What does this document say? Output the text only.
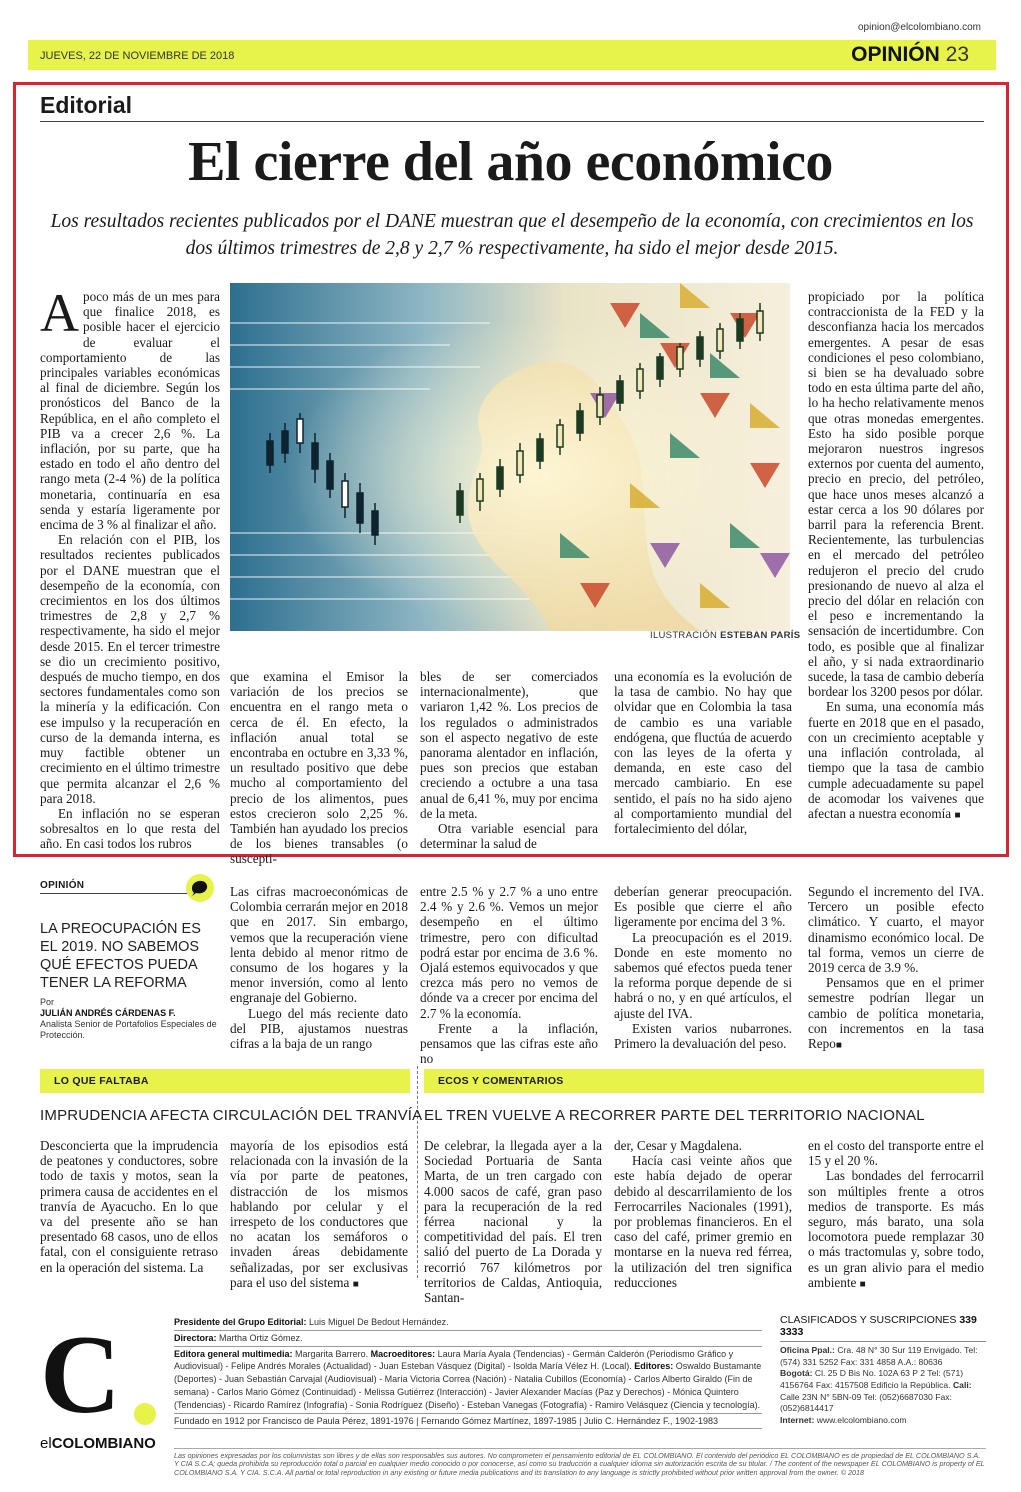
opinion@elcolombiano.com
JUEVES, 22 DE NOVIEMBRE DE 2018	OPINIÓN 23
Editorial
El cierre del año económico
Los resultados recientes publicados por el DANE muestran que el desempeño de la economía, con crecimientos en los dos últimos trimestres de 2,8 y 2,7 % respectivamente, ha sido el mejor desde 2015.
ILUSTRACIÓN ESTEBAN PARÍS

Apoco más de un mes para que finalice 2018, es posible hacer el ejercicio de evaluar el comportamiento de las principales variables económicas al final de diciembre. Según los pronósticos del Banco de la República, en el año completo el PIB va a crecer 2,6 %. La inflación, por su parte, que ha estado en todo el año dentro del rango meta (2-4 %) de la política monetaria, continuaría en esa senda y estaría ligeramente por encima de 3 % al finalizar el año.

En relación con el PIB, los resultados recientes publicados por el DANE muestran que el desempeño de la economía, con crecimientos en los dos últimos trimestres de 2,8 y 2,7 % respectivamente, ha sido el mejor desde 2015. En el tercer trimestre se dio un crecimiento positivo, después de mucho tiempo, en dos sectores fundamentales como son la minería y la edificación. Con ese impulso y la recuperación en curso de la demanda interna, es muy factible obtener un crecimiento en el último trimestre que permita alcanzar el 2,6 % para 2018.

En inflación no se esperan sobresaltos en lo que resta del año. En casi todos los rubros

que examina el Emisor la variación de los precios se encuentra en el rango meta o cerca de él. En efecto, la inflación anual total se encontraba en octubre en 3,33 %, un resultado positivo que debe mucho al comportamiento del precio de los alimentos, pues estos crecieron solo 2,25 %. También han ayudado los precios de los bienes transables (o suscepti-

bles de ser comerciados internacionalmente), que variaron 1,42 %. Los precios de los regulados o administrados son el aspecto negativo de este panorama alentador en inflación, pues son precios que estaban creciendo a octubre a una tasa anual de 6,41 %, muy por encima de la meta.

Otra variable esencial para determinar la salud de

una economía es la evolución de la tasa de cambio. No hay que olvidar que en Colombia la tasa de cambio es una variable endógena, que fluctúa de acuerdo con las leyes de la oferta y demanda, en este caso del mercado cambiario. En ese sentido, el país no ha sido ajeno al comportamiento mundial del fortalecimiento del dólar,

propiciado por la política contraccionista de la FED y la desconfianza hacia los mercados emergentes. A pesar de esas condiciones el peso colombiano, si bien se ha devaluado sobre todo en esta última parte del año, lo ha hecho relativamente menos que otras monedas emergentes. Esto ha sido posible porque mejoraron nuestros ingresos externos por cuenta del aumento, precio en precio, del petróleo, que hace unos meses alcanzó a estar cerca a los 90 dólares por barril para la referencia Brent. Recientemente, las turbulencias en el mercado del petróleo redujeron el precio del crudo presionando de nuevo al alza el precio del dólar en relación con el peso e incrementando la sensación de incertidumbre. Con todo, es posible que al finalizar el año, y si nada extraordinario sucede, la tasa de cambio debería bordear los 3200 pesos por dólar.

En suma, una economía más fuerte en 2018 que en el pasado, con un crecimiento aceptable y una inflación controlada, al tiempo que la tasa de cambio cumple adecuadamente su papel de acomodar los vaivenes que afectan a nuestra economía ■

OPINIÓN
LA PREOCUPACIÓN ES EL 2019. NO SABEMOS QUÉ EFECTOS PUEDA TENER LA REFORMA
Por
JULIÁN ANDRÉS CÁRDENAS F.
Analista Senior de Portafolios Especiales de Protección.

Las cifras macroeconómicas de Colombia cerrarán mejor en 2018 que en 2017. Sin embargo, vemos que la recuperación viene lenta debido al menor ritmo de consumo de los hogares y la menor inversión, como al lento engranaje del Gobierno.

Luego del más reciente dato del PIB, ajustamos nuestras cifras a la baja de un rango

entre 2.5 % y 2.7 % a uno entre 2.4 % y 2.6 %. Vemos un mejor desempeño en el último trimestre, pero con dificultad podrá estar por encima de 3.6 %. Ojalá estemos equivocados y que crezca más pero no vemos de dónde va a crecer por encima del 2.7 % la economía.

Frente a la inflación, pensamos que las cifras este año no

deberían generar preocupación. Es posible que cierre el año ligeramente por encima del 3 %.

La preocupación es el 2019. Donde en este momento no sabemos qué efectos pueda tener la reforma porque depende de si habrá o no, y en qué artículos, el ajuste del IVA.

Existen varios nubarrones. Primero la devaluación del peso.

Segundo el incremento del IVA. Tercero un posible efecto climático. Y cuarto, el mayor dinamismo económico local. De tal forma, vemos un cierre de 2019 cerca de 3.9 %.

Pensamos que en el primer semestre podrían llegar un cambio de política monetaria, con incrementos en la tasa Repo■

LO QUE FALTABA	ECOS Y COMENTARIOS
IMPRUDENCIA AFECTA CIRCULACIÓN DEL TRANVÍA EL TREN VUELVE A RECORRER PARTE DEL TERRITORIO NACIONAL

Desconcierta que la imprudencia de peatones y conductores, sobre todo de taxis y motos, sean la primera causa de accidentes en el tranvía de Ayacucho. En lo que va del presente año se han presentado 68 casos, uno de ellos fatal, con el consiguiente retraso en la operación del sistema. La

mayoría de los episodios está relacionada con la invasión de la vía por parte de peatones, distracción de los mismos hablando por celular y el irrespeto de los conductores que no acatan los semáforos o invaden áreas debidamente señalizadas, por ser exclusivas para el uso del sistema ■

De celebrar, la llegada ayer a la Sociedad Portuaria de Santa Marta, de un tren cargado con 4.000 sacos de café, gran paso para la recuperación de la red férrea nacional y la competitividad del país. El tren salió del puerto de La Dorada y recorrió 767 kilómetros por territorios de Caldas, Antioquia, Santan-

der, Cesar y Magdalena.

Hacía casi veinte años que este había dejado de operar debido al descarrilamiento de los Ferrocarriles Nacionales (1991), por problemas financieros. En el caso del café, primer gremio en montarse en la nueva red férrea, la utilización del tren significa reducciones

en el costo del transporte entre el 15 y el 20 %.

Las bondades del ferrocarril son múltiples frente a otros medios de transporte. Es más seguro, más barato, una sola locomotora puede remplazar 30 o más tractomulas y, sobre todo, es un gran alivio para el medio ambiente ■

C
elCOLOMBIANO
Presidente del Grupo Editorial: Luis Miguel De Bedout Hernández.
Directora: Martha Ortiz Gómez.
Editora general multimedia: Margarita Barrero. Macroeditores: Laura María Ayala (Tendencias) - Germán Calderón (Periodismo Gráfico y Audiovisual) - Felipe Andrés Morales (Actualidad) - Juan Esteban Vásquez (Digital) - Isolda María Vélez H. (Local). Editores: Oswaldo Bustamante (Deportes) - Juan Sebastián Carvajal (Audiovisual) - María Victoria Correa (Nación) - Natalia Cubillos (Economía) - Carlos Alberto Giraldo (Fin de semana) - Carlos Mario Gómez (Continuidad) - Melissa Gutiérrez (Interacción) - Javier Alexander Macías (Paz y Derechos) - Mónica Quintero (Tendencias) - Ricardo Ramírez (Infografía) - Sonia Rodríguez (Diseño) - Esteban Vanegas (Fotografía) - Ramiro Velásquez (Ciencia y tecnología).
Fundado en 1912 por Francisco de Paula Pérez, 1891-1976 | Fernando Gómez Martínez, 1897-1985 | Julio C. Hernández F., 1902-1983
CLASIFICADOS Y SUSCRIPCIONES 339 3333
Oficina Ppal.: Cra. 48 N° 30 Sur 119 Envigado. Tel: (574) 331 5252 Fax: 331 4858 A.A.: 80636
Bogotá: Cl. 25 D Bis No. 102A 63 P 2 Tel: (571) 4156764 Fax: 4157508 Edificio la República. Cali: Calle 23N N° 5BN-09 Tel: (052)6687030 Fax: (052)6814417
Internet: www.elcolombiano.com
Las opiniones expresadas por los columnistas son libres y de ellas son responsables sus autores. No comprometen el pensamiento editorial de EL COLOMBIANO. El contenido del periódico EL COLOMBIANO es de propiedad de EL COLOMBIANO S.A. Y CIA S.C.A; queda prohibida su reproducción total o parcial en cualquier medio conocido o por conocerse, así como su traducción a cualquier idioma sin autorización escrita de su titular. / The content of the newspaper EL COLOMBIANO is property of EL COLOMBIANO S.A. Y CIA. S.C.A. All partial or total reproduction in any existing or future media publications and its translation to any language is strictly prohibited without prior written approval from the owner. © 2018
